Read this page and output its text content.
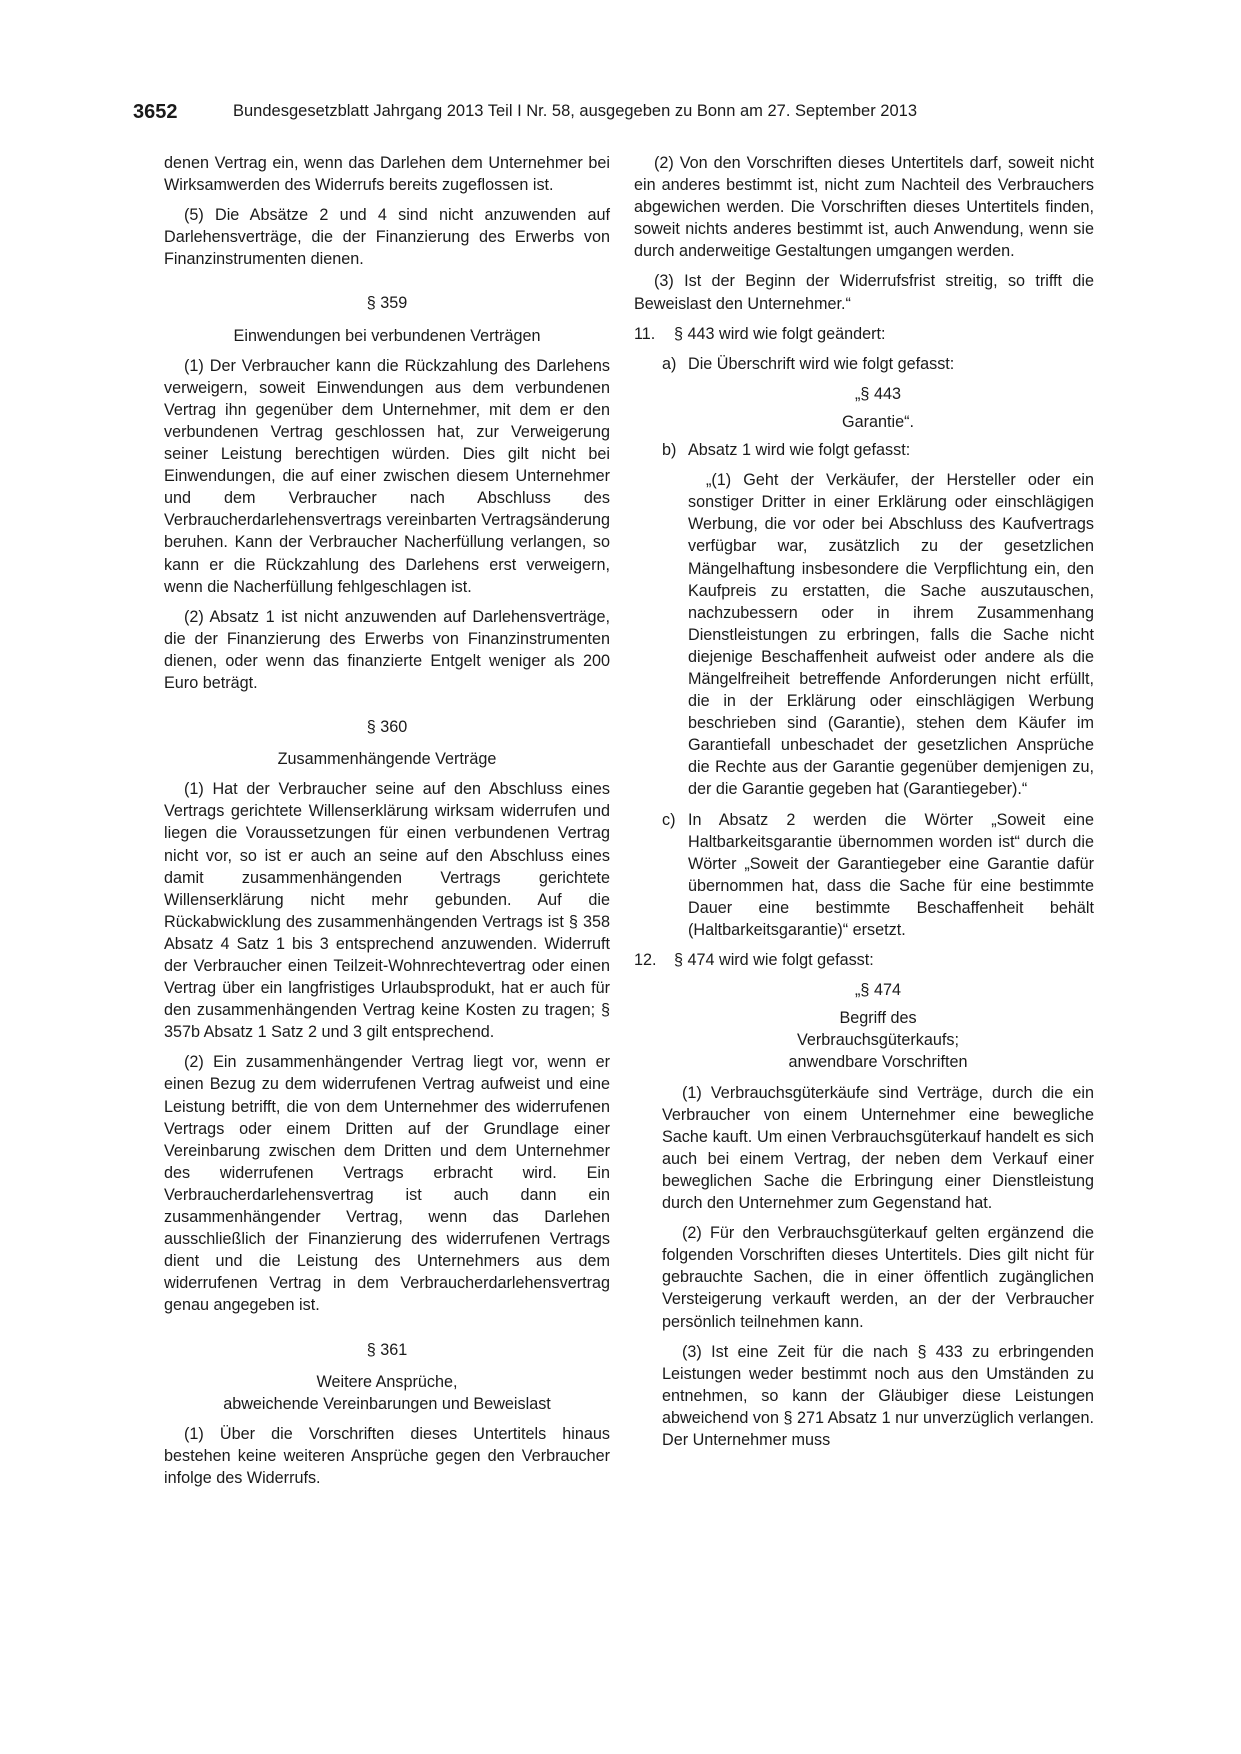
3652	Bundesgesetzblatt Jahrgang 2013 Teil I Nr. 58, ausgegeben zu Bonn am 27. September 2013

denen Vertrag ein, wenn das Darlehen dem Unternehmer bei Wirksamwerden des Widerrufs bereits zugeflossen ist.

(5) Die Absätze 2 und 4 sind nicht anzuwenden auf Darlehensverträge, die der Finanzierung des Erwerbs von Finanzinstrumenten dienen.

§ 359

Einwendungen bei verbundenen Verträgen

(1) Der Verbraucher kann die Rückzahlung des Darlehens verweigern, soweit Einwendungen aus dem verbundenen Vertrag ihn gegenüber dem Unternehmer, mit dem er den verbundenen Vertrag geschlossen hat, zur Verweigerung seiner Leistung berechtigen würden. Dies gilt nicht bei Einwendungen, die auf einer zwischen diesem Unternehmer und dem Verbraucher nach Abschluss des Verbraucherdarlehensvertrags vereinbarten Vertragsänderung beruhen. Kann der Verbraucher Nacherfüllung verlangen, so kann er die Rückzahlung des Darlehens erst verweigern, wenn die Nacherfüllung fehlgeschlagen ist.

(2) Absatz 1 ist nicht anzuwenden auf Darlehensverträge, die der Finanzierung des Erwerbs von Finanzinstrumenten dienen, oder wenn das finanzierte Entgelt weniger als 200 Euro beträgt.

§ 360

Zusammenhängende Verträge

(1) Hat der Verbraucher seine auf den Abschluss eines Vertrags gerichtete Willenserklärung wirksam widerrufen und liegen die Voraussetzungen für einen verbundenen Vertrag nicht vor, so ist er auch an seine auf den Abschluss eines damit zusammenhängenden Vertrags gerichtete Willenserklärung nicht mehr gebunden. Auf die Rückabwicklung des zusammenhängenden Vertrags ist § 358 Absatz 4 Satz 1 bis 3 entsprechend anzuwenden. Widerruft der Verbraucher einen Teilzeit-Wohnrechtevertrag oder einen Vertrag über ein langfristiges Urlaubsprodukt, hat er auch für den zusammenhängenden Vertrag keine Kosten zu tragen; § 357b Absatz 1 Satz 2 und 3 gilt entsprechend.

(2) Ein zusammenhängender Vertrag liegt vor, wenn er einen Bezug zu dem widerrufenen Vertrag aufweist und eine Leistung betrifft, die von dem Unternehmer des widerrufenen Vertrags oder einem Dritten auf der Grundlage einer Vereinbarung zwischen dem Dritten und dem Unternehmer des widerrufenen Vertrags erbracht wird. Ein Verbraucherdarlehensvertrag ist auch dann ein zusammenhängender Vertrag, wenn das Darlehen ausschließlich der Finanzierung des widerrufenen Vertrags dient und die Leistung des Unternehmers aus dem widerrufenen Vertrag in dem Verbraucherdarlehensvertrag genau angegeben ist.

§ 361

Weitere Ansprüche,

abweichende Vereinbarungen und Beweislast

(1) Über die Vorschriften dieses Untertitels hinaus bestehen keine weiteren Ansprüche gegen den Verbraucher infolge des Widerrufs.

(2) Von den Vorschriften dieses Untertitels darf, soweit nicht ein anderes bestimmt ist, nicht zum Nachteil des Verbrauchers abgewichen werden. Die Vorschriften dieses Untertitels finden, soweit nichts anderes bestimmt ist, auch Anwendung, wenn sie durch anderweitige Gestaltungen umgangen werden.

(3) Ist der Beginn der Widerrufsfrist streitig, so trifft die Beweislast den Unternehmer.“

11. § 443 wird wie folgt geändert:
a) Die Überschrift wird wie folgt gefasst:

„§ 443

Garantie“.

b) Absatz 1 wird wie folgt gefasst:

„(1) Geht der Verkäufer, der Hersteller oder ein sonstiger Dritter in einer Erklärung oder einschlägigen Werbung, die vor oder bei Abschluss des Kaufvertrags verfügbar war, zusätzlich zu der gesetzlichen Mängelhaftung insbesondere die Verpflichtung ein, den Kaufpreis zu erstatten, die Sache auszutauschen, nachzubessern oder in ihrem Zusammenhang Dienstleistungen zu erbringen, falls die Sache nicht diejenige Beschaffenheit aufweist oder andere als die Mängelfreiheit betreffende Anforderungen nicht erfüllt, die in der Erklärung oder einschlägigen Werbung beschrieben sind (Garantie), stehen dem Käufer im Garantiefall unbeschadet der gesetzlichen Ansprüche die Rechte aus der Garantie gegenüber demjenigen zu, der die Garantie gegeben hat (Garantiegeber).“

c) In Absatz 2 werden die Wörter „Soweit eine Haltbarkeitsgarantie übernommen worden ist“ durch die Wörter „Soweit der Garantiegeber eine Garantie dafür übernommen hat, dass die Sache für eine bestimmte Dauer eine bestimmte Beschaffenheit behält (Haltbarkeitsgarantie)“ ersetzt.
12. § 474 wird wie folgt gefasst:

„§ 474

Begriff des

Verbrauchsgüterkaufs;

anwendbare Vorschriften

(1) Verbrauchsgüterkäufe sind Verträge, durch die ein Verbraucher von einem Unternehmer eine bewegliche Sache kauft. Um einen Verbrauchsgüterkauf handelt es sich auch bei einem Vertrag, der neben dem Verkauf einer beweglichen Sache die Erbringung einer Dienstleistung durch den Unternehmer zum Gegenstand hat.

(2) Für den Verbrauchsgüterkauf gelten ergänzend die folgenden Vorschriften dieses Untertitels. Dies gilt nicht für gebrauchte Sachen, die in einer öffentlich zugänglichen Versteigerung verkauft werden, an der der Verbraucher persönlich teilnehmen kann.

(3) Ist eine Zeit für die nach § 433 zu erbringenden Leistungen weder bestimmt noch aus den Umständen zu entnehmen, so kann der Gläubiger diese Leistungen abweichend von § 271 Absatz 1 nur unverzüglich verlangen. Der Unternehmer muss
